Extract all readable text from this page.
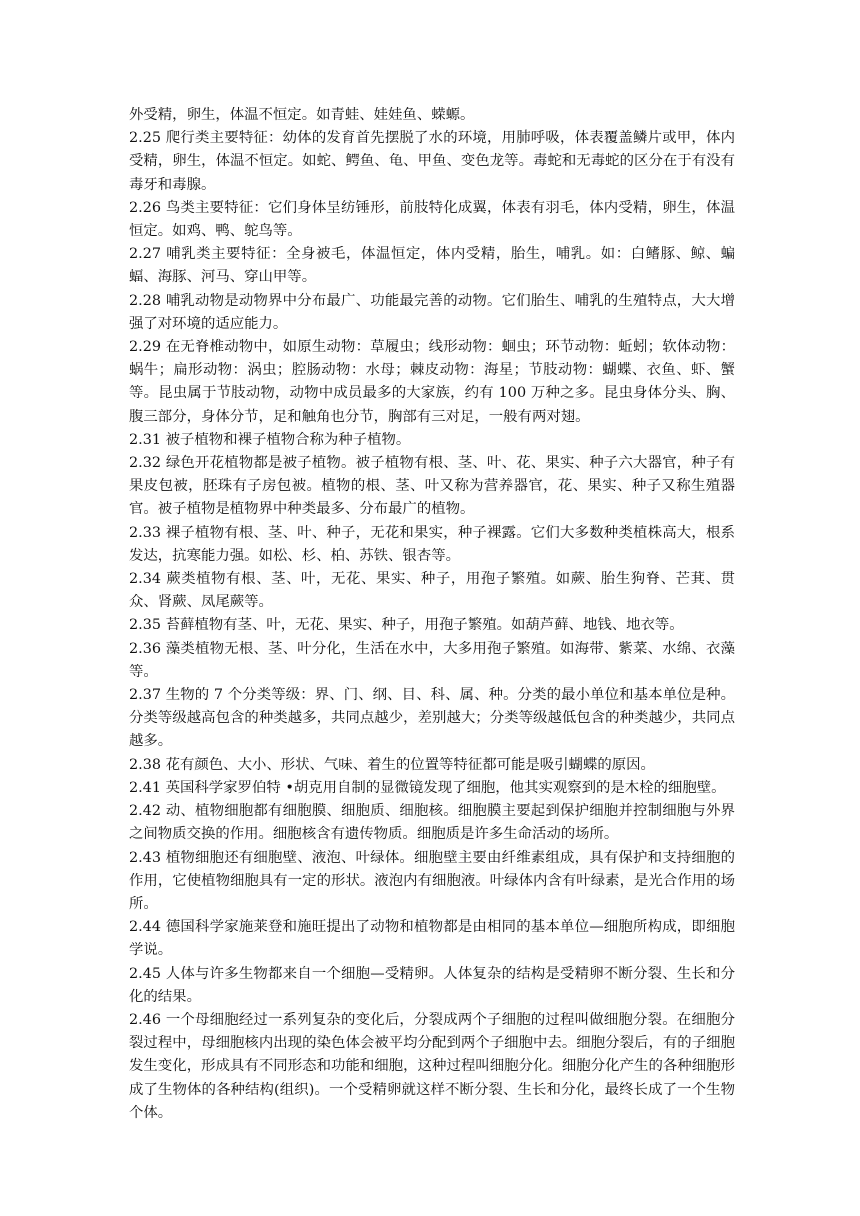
外受精，卵生，体温不恒定。如青蛙、娃娃鱼、蝾螈。

2.25 爬行类主要特征：幼体的发育首先摆脱了水的环境，用肺呼吸，体表覆盖鳞片或甲，体内受精，卵生，体温不恒定。如蛇、鳄鱼、龟、甲鱼、变色龙等。毒蛇和无毒蛇的区分在于有没有毒牙和毒腺。

2.26 鸟类主要特征：它们身体呈纺锤形，前肢特化成翼，体表有羽毛，体内受精，卵生，体温恒定。如鸡、鸭、鸵鸟等。

2.27 哺乳类主要特征：全身被毛，体温恒定，体内受精，胎生，哺乳。如：白鳍豚、鲸、蝙蝠、海豚、河马、穿山甲等。

2.28 哺乳动物是动物界中分布最广、功能最完善的动物。它们胎生、哺乳的生殖特点，大大增强了对环境的适应能力。

2.29 在无脊椎动物中，如原生动物：草履虫；线形动物：蛔虫；环节动物：蚯蚓；软体动物：蜗牛；扁形动物：涡虫；腔肠动物：水母；棘皮动物：海星；节肢动物：蝴蝶、衣鱼、虾、蟹等。昆虫属于节肢动物，动物中成员最多的大家族，约有 100 万种之多。昆虫身体分头、胸、腹三部分，身体分节，足和触角也分节，胸部有三对足，一般有两对翅。

2.31 被子植物和裸子植物合称为种子植物。

2.32 绿色开花植物都是被子植物。被子植物有根、茎、叶、花、果实、种子六大器官，种子有果皮包被，胚珠有子房包被。植物的根、茎、叶又称为营养器官，花、果实、种子又称生殖器官。被子植物是植物界中种类最多、分布最广的植物。

2.33 裸子植物有根、茎、叶、种子，无花和果实，种子裸露。它们大多数种类植株高大，根系发达，抗寒能力强。如松、杉、柏、苏铁、银杏等。

2.34 蕨类植物有根、茎、叶，无花、果实、种子，用孢子繁殖。如蕨、胎生狗脊、芒萁、贯众、肾蕨、凤尾蕨等。

2.35 苔藓植物有茎、叶，无花、果实、种子，用孢子繁殖。如葫芦藓、地钱、地衣等。

2.36 藻类植物无根、茎、叶分化，生活在水中，大多用孢子繁殖。如海带、紫菜、水绵、衣藻等。

2.37 生物的 7 个分类等级：界、门、纲、目、科、属、种。分类的最小单位和基本单位是种。分类等级越高包含的种类越多，共同点越少，差别越大；分类等级越低包含的种类越少，共同点越多。

2.38 花有颜色、大小、形状、气味、着生的位置等特征都可能是吸引蝴蝶的原因。

2.41 英国科学家罗伯特 •胡克用自制的显微镜发现了细胞，他其实观察到的是木栓的细胞壁。

2.42 动、植物细胞都有细胞膜、细胞质、细胞核。细胞膜主要起到保护细胞并控制细胞与外界之间物质交换的作用。细胞核含有遗传物质。细胞质是许多生命活动的场所。

2.43 植物细胞还有细胞壁、液泡、叶绿体。细胞壁主要由纤维素组成，具有保护和支持细胞的作用，它使植物细胞具有一定的形状。液泡内有细胞液。叶绿体内含有叶绿素，是光合作用的场所。

2.44 德国科学家施莱登和施旺提出了动物和植物都是由相同的基本单位—细胞所构成，即细胞学说。

2.45 人体与许多生物都来自一个细胞—受精卵。人体复杂的结构是受精卵不断分裂、生长和分化的结果。

2.46 一个母细胞经过一系列复杂的变化后，分裂成两个子细胞的过程叫做细胞分裂。在细胞分裂过程中，母细胞核内出现的染色体会被平均分配到两个子细胞中去。细胞分裂后，有的子细胞发生变化，形成具有不同形态和功能和细胞，这种过程叫细胞分化。细胞分化产生的各种细胞形成了生物体的各种结构(组织)。一个受精卵就这样不断分裂、生长和分化，最终长成了一个生物个体。
